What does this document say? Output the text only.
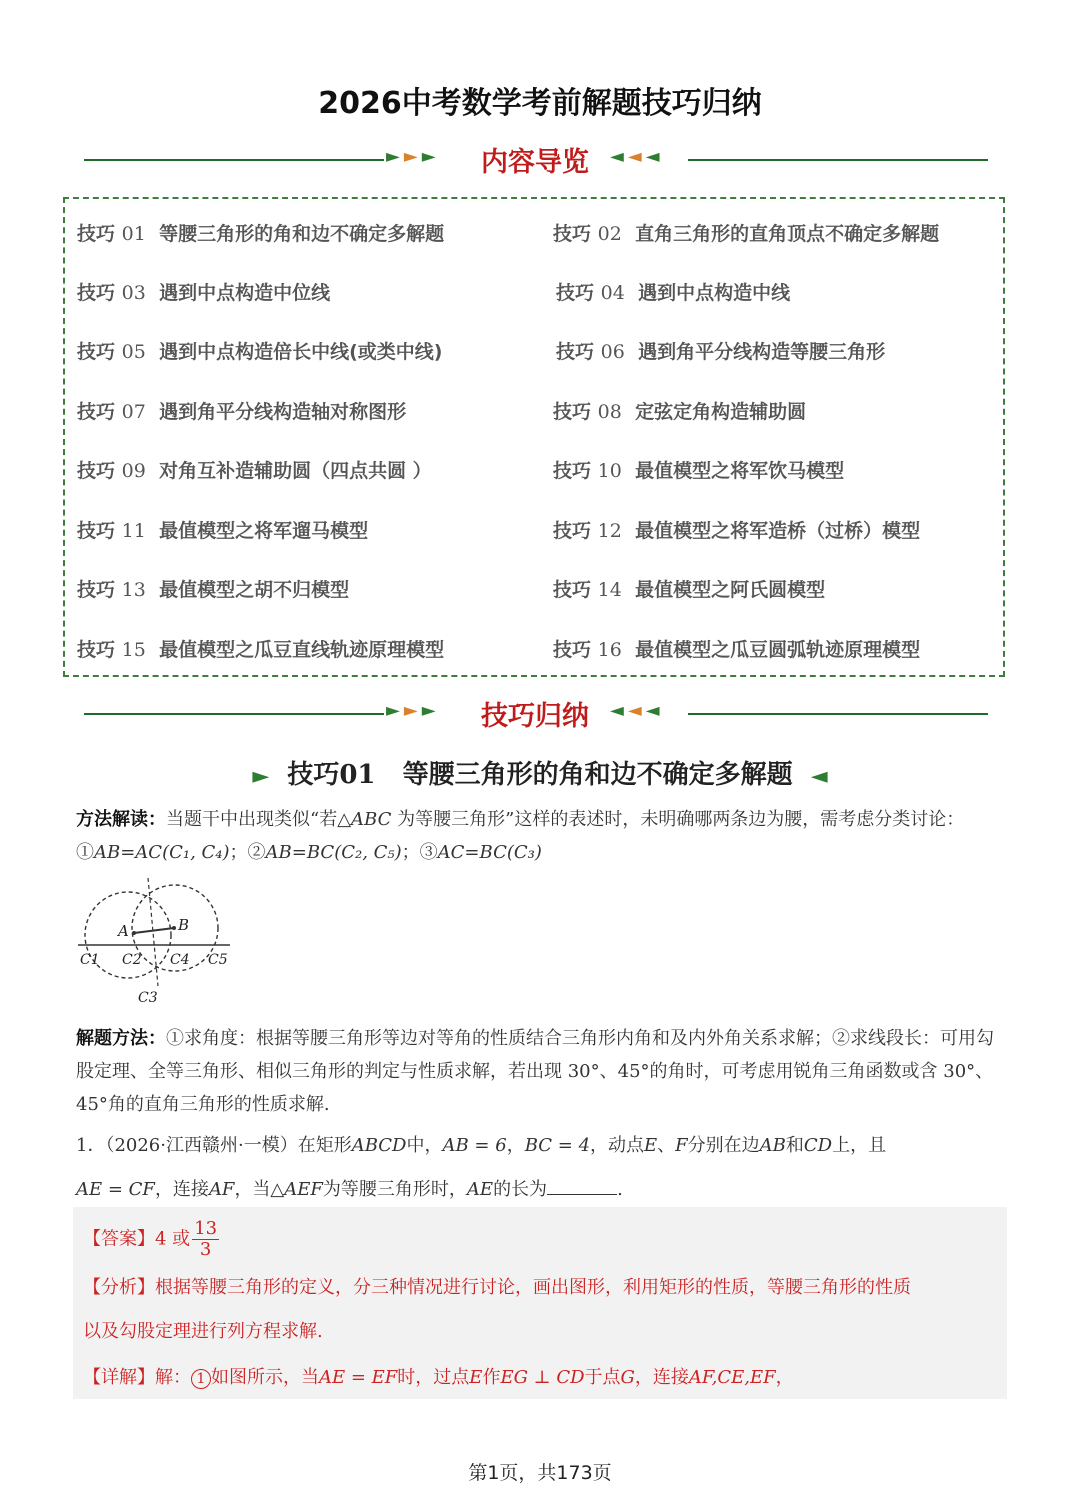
2026中考数学考前解题技巧归纳
►►►	内容导览	◄◄◄
技巧 01 等腰三角形的角和边不确定多解题	技巧 02 直角三角形的直角顶点不确定多解题
技巧 03 遇到中点构造中位线	技巧 04 遇到中点构造中线
技巧 05 遇到中点构造倍长中线(或类中线)	技巧 06 遇到角平分线构造等腰三角形
技巧 07 遇到角平分线构造轴对称图形	技巧 08 定弦定角构造辅助圆
技巧 09 对角互补造辅助圆（四点共圆 ）	技巧 10 最值模型之将军饮马模型
技巧 11 最值模型之将军遛马模型	技巧 12 最值模型之将军造桥（过桥）模型
技巧 13 最值模型之胡不归模型	技巧 14 最值模型之阿氏圆模型
技巧 15 最值模型之瓜豆直线轨迹原理模型	技巧 16 最值模型之瓜豆圆弧轨迹原理模型
►►►	技巧归纳	◄◄◄
► 技巧01 等腰三角形的角和边不确定多解题 ◄
方法解读：当题干中出现类似“若△ABC 为等腰三角形”这样的表述时，未明确哪两条边为腰，需考虑分类讨论：①AB=AC(C₁, C₄)；②AB=BC(C₂, C₅)；③AC=BC(C₃)
A	B
C1 C2 C4 C5
C3
解题方法：①求角度：根据等腰三角形等边对等角的性质结合三角形内角和及内外角关系求解；②求线段长：可用勾股定理、全等三角形、相似三角形的判定与性质求解，若出现 30°、45°的角时，可考虑用锐角三角函数或含 30°、45°角的直角三角形的性质求解.
1．（2026·江西赣州·一模）在矩形ABCD中，AB = 6，BC = 4，动点E、F分别在边AB和CD上，且
AE = CF，连接AF，当△AEF为等腰三角形时，AE的长为	.
【答案】4 或 $\frac{13}{3}$
【分析】根据等腰三角形的定义，分三种情况进行讨论，画出图形，利用矩形的性质，等腰三角形的性质
以及勾股定理进行列方程求解.
【详解】解： 1 如图所示，当AE = EF时，过点E作EG ⊥ CD于点G，连接AF,CE,EF，
第1页，共173页
